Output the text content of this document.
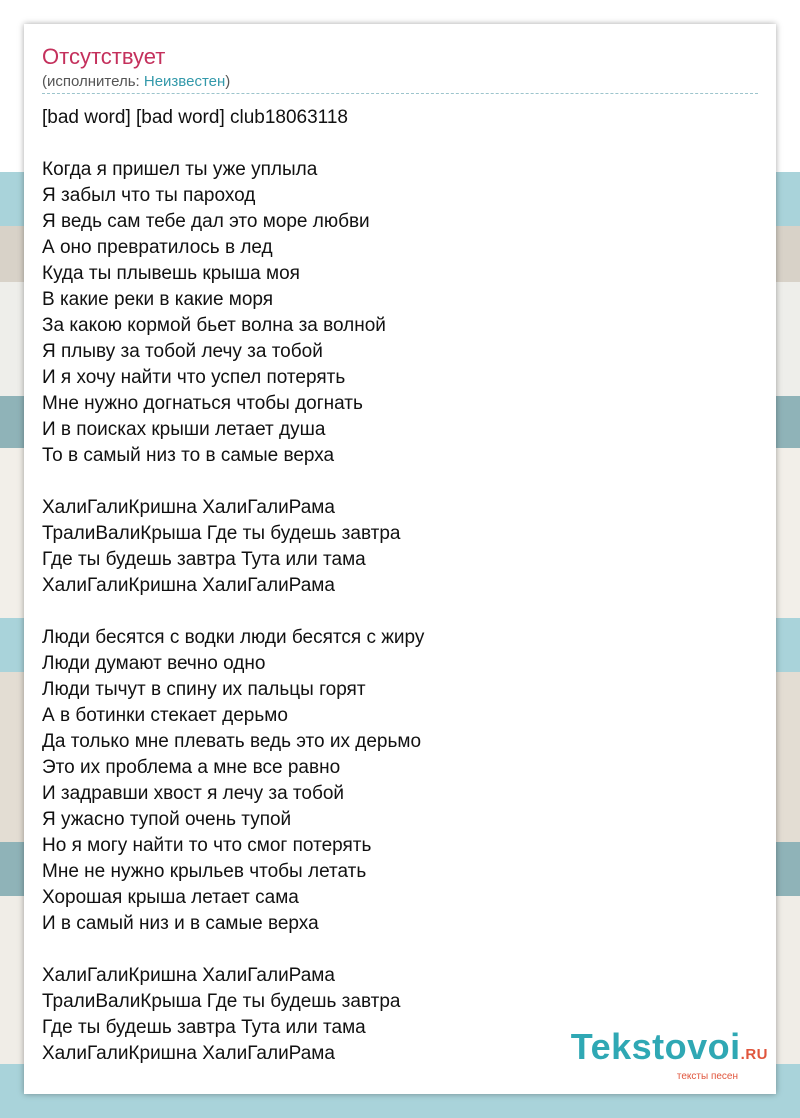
Отсутствует
(исполнитель: Неизвестен)
[bad word] [bad word] club18063118
Когда я пришел ты уже уплыла
Я забыл что ты пароход
Я ведь сам тебе дал это море любви
А оно превратилось в лед
Куда ты плывешь крыша моя
В какие реки в какие моря
За какою кормой бьет волна за волной
Я плыву за тобой лечу за тобой
И я хочу найти что успел потерять
Мне нужно догнаться чтобы догнать
И в поисках крыши летает душа
То в самый низ то в самые верха
ХалиГалиКришна ХалиГалиРама
ТралиВалиКрыша Где ты будешь завтра
Где ты будешь завтра Тута или тама
ХалиГалиКришна ХалиГалиРама
Люди бесятся с водки люди бесятся с жиру
Люди думают вечно одно
Люди тычут в спину их пальцы горят
А в ботинки стекает дерьмо
Да только мне плевать ведь это их дерьмо
Это их проблема а мне все равно
И задравши хвост я лечу за тобой
Я ужасно тупой очень тупой
Но я могу найти то что смог потерять
Мне не нужно крыльев чтобы летать
Хорошая крыша летает сама
И в самый низ и в самые верха
ХалиГалиКришна ХалиГалиРама
ТралиВалиКрыша Где ты будешь завтра
Где ты будешь завтра Тута или тама
ХалиГалиКришна ХалиГалиРама	Tekstovoi.RU
тексты песен
